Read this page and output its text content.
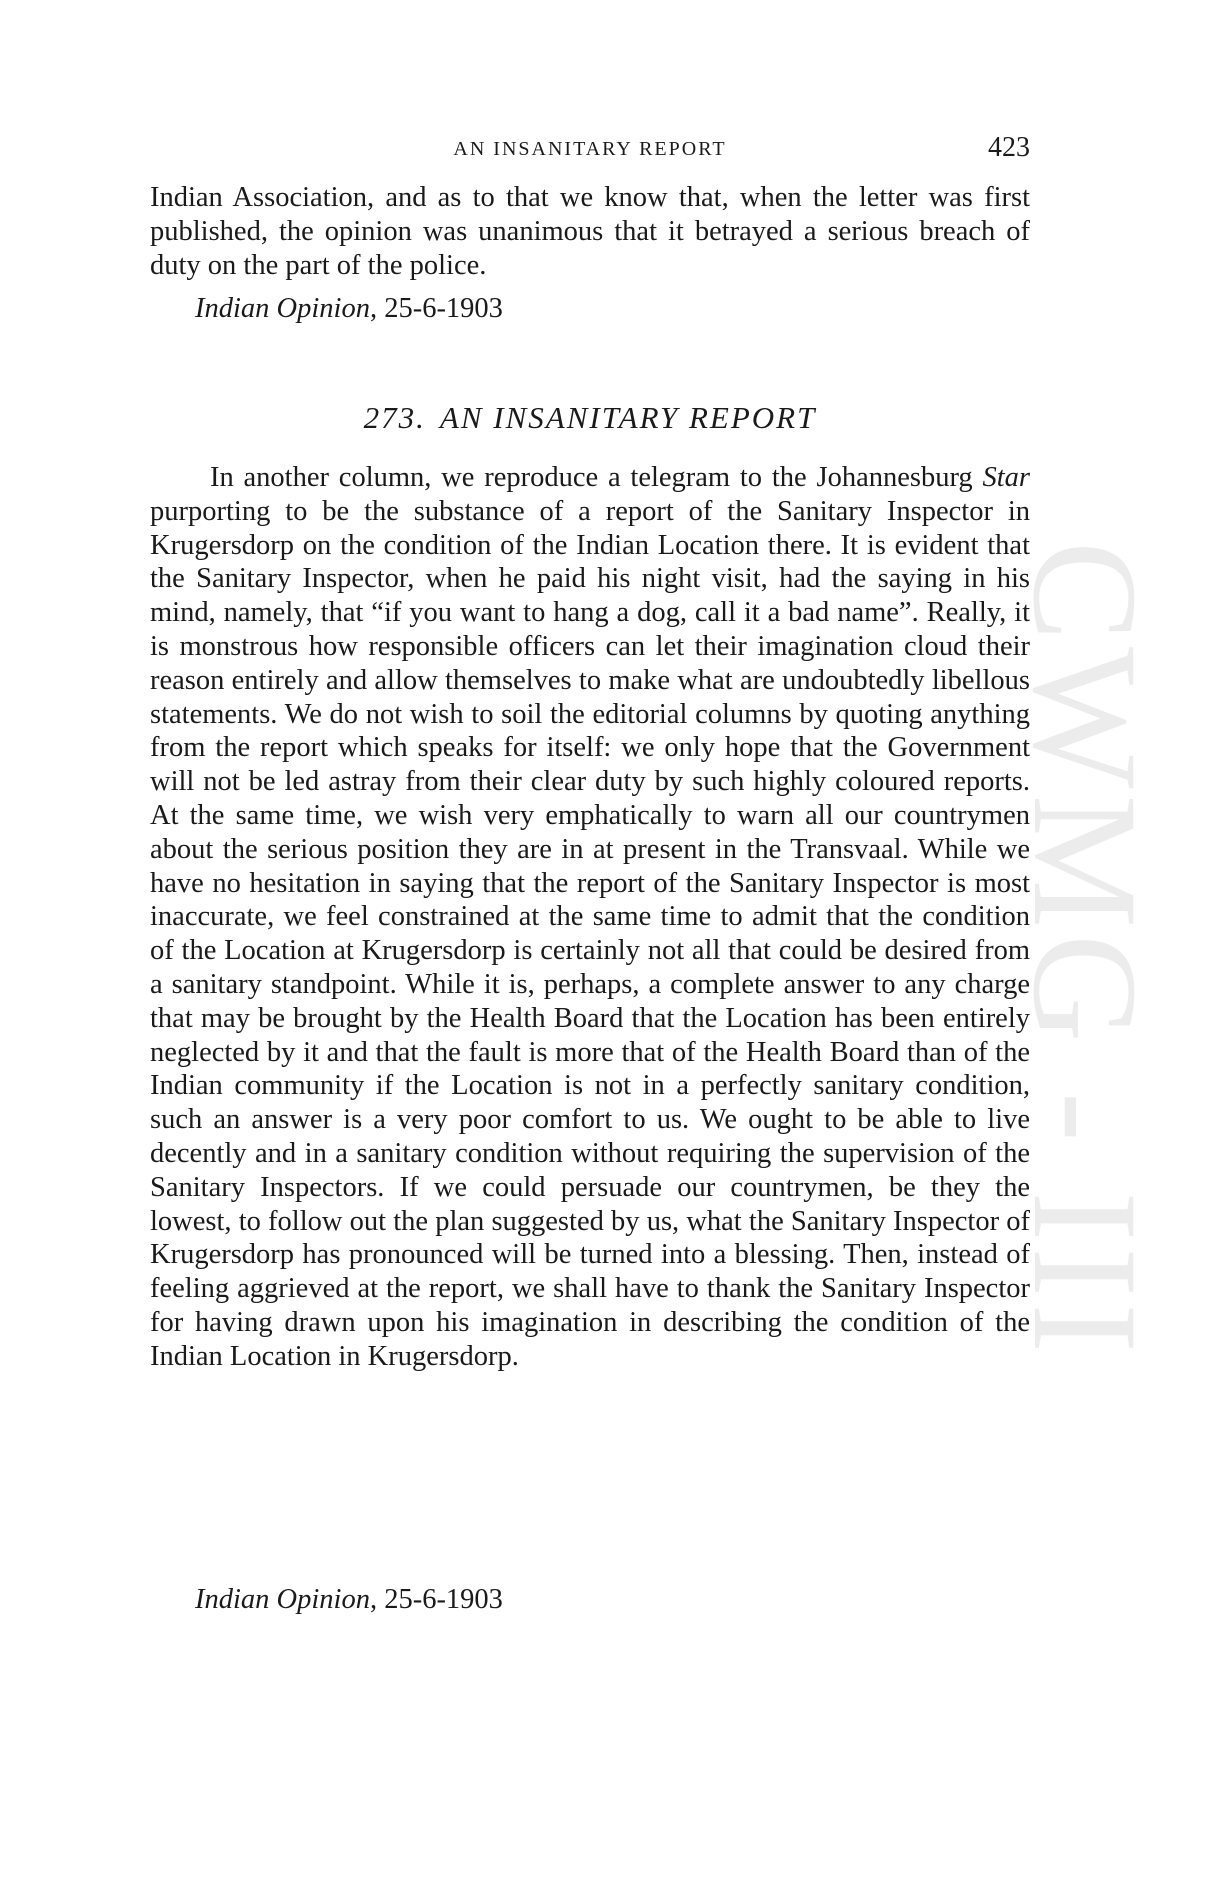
AN INSANITARY REPORT	423

Indian Association, and as to that we know that, when the letter was first published, the opinion was unanimous that it betrayed a serious breach of duty on the part of the police.

Indian Opinion, 25-6-1903
273. AN INSANITARY REPORT

In another column, we reproduce a telegram to the Johannesburg Star purporting to be the substance of a report of the Sanitary Inspector in Krugersdorp on the condition of the Indian Location there. It is evident that the Sanitary Inspector, when he paid his night visit, had the saying in his mind, namely, that “if you want to hang a dog, call it a bad name”. Really, it is monstrous how responsible officers can let their imagination cloud their reason entirely and allow themselves to make what are undoubtedly libellous statements. We do not wish to soil the editorial columns by quoting anything from the report which speaks for itself: we only hope that the Government will not be led astray from their clear duty by such highly coloured reports. At the same time, we wish very emphatically to warn all our countrymen about the serious position they are in at present in the Transvaal. While we have no hesitation in saying that the report of the Sanitary Inspector is most inaccurate, we feel constrained at the same time to admit that the condition of the Location at Krugersdorp is certainly not all that could be desired from a sanitary standpoint. While it is, perhaps, a complete answer to any charge that may be brought by the Health Board that the Location has been entirely neglected by it and that the fault is more that of the Health Board than of the Indian community if the Location is not in a perfectly sanitary condition, such an answer is a very poor comfort to us. We ought to be able to live decently and in a sanitary condition without requiring the supervision of the Sanitary Inspectors. If we could persuade our countrymen, be they the lowest, to follow out the plan suggested by us, what the Sanitary Inspector of Krugersdorp has pronounced will be turned into a blessing. Then, instead of feeling aggrieved at the report, we shall have to thank the Sanitary Inspector for having drawn upon his imagination in describing the condition of the Indian Location in Krugersdorp.

Indian Opinion, 25-6-1903
CWMG - III
